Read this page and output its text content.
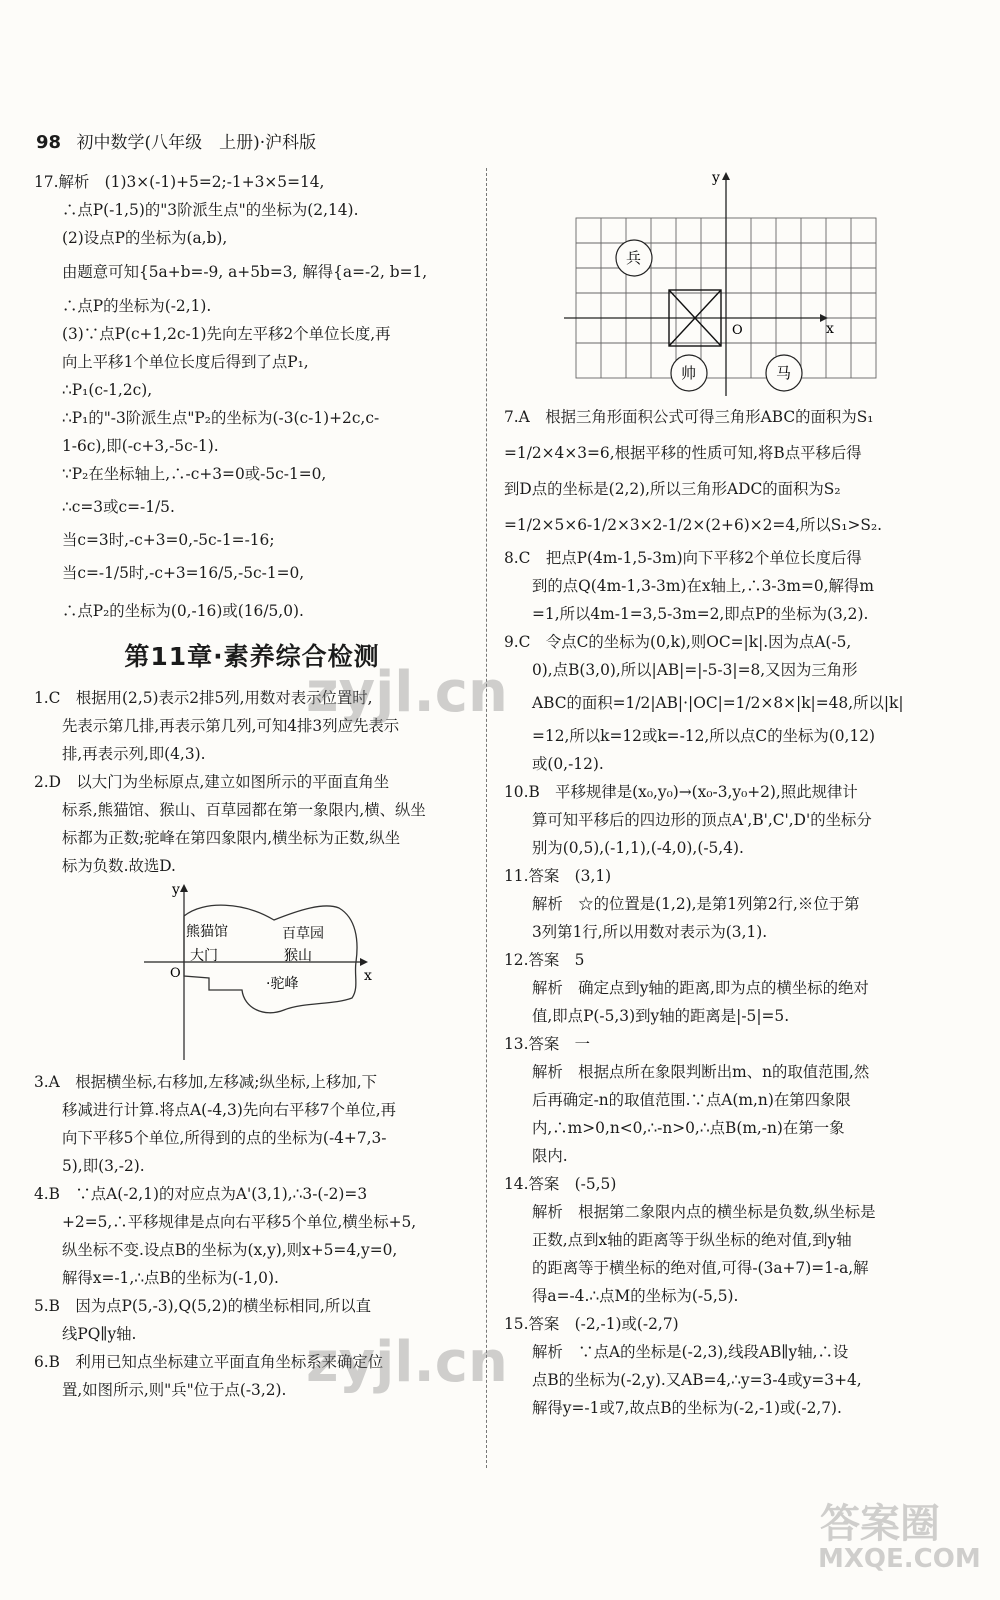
98 初中数学(八年级　上册)·沪科版
17.解析　(1)3×(-1)+5=2;-1+3×5=14,
∴点P(-1,5)的"3阶派生点"的坐标为(2,14).
(2)设点P的坐标为(a,b),
由题意可知{5a+b=-9, a+5b=3, 解得{a=-2, b=1,
∴点P的坐标为(-2,1).
(3)∵点P(c+1,2c-1)先向左平移2个单位长度,再
向上平移1个单位长度后得到了点P₁,
∴P₁(c-1,2c),
∴P₁的"-3阶派生点"P₂的坐标为(-3(c-1)+2c,c-
1-6c),即(-c+3,-5c-1).
∵P₂在坐标轴上,∴-c+3=0或-5c-1=0,
∴c=3或c=-1/5.
当c=3时,-c+3=0,-5c-1=-16;
当c=-1/5时,-c+3=16/5,-5c-1=0,
∴点P₂的坐标为(0,-16)或(16/5,0).
第11章·素养综合检测
1.C　根据用(2,5)表示2排5列,用数对表示位置时,
先表示第几排,再表示第几列,可知4排3列应先表示
排,再表示列,即(4,3).
2.D　以大门为坐标原点,建立如图所示的平面直角坐
标系,熊猫馆、猴山、百草园都在第一象限内,横、纵坐
标都为正数;驼峰在第四象限内,横坐标为正数,纵坐
标为负数.故选D.
y
x
O
熊猫馆	百草园
大门	猴山
·驼峰
3.A　根据横坐标,右移加,左移减;纵坐标,上移加,下
移减进行计算.将点A(-4,3)先向右平移7个单位,再
向下平移5个单位,所得到的点的坐标为(-4+7,3-
5),即(3,-2).
4.B　∵点A(-2,1)的对应点为A'(3,1),∴3-(-2)=3
+2=5,∴平移规律是点向右平移5个单位,横坐标+5,
纵坐标不变.设点B的坐标为(x,y),则x+5=4,y=0,
解得x=-1,∴点B的坐标为(-1,0).
5.B　因为点P(5,-3),Q(5,2)的横坐标相同,所以直
线PQ∥y轴.
6.B　利用已知点坐标建立平面直角坐标系来确定位
置,如图所示,则"兵"位于点(-3,2).
y
x
O
兵
帅	马
7.A　根据三角形面积公式可得三角形ABC的面积为S₁
=1/2×4×3=6,根据平移的性质可知,将B点平移后得
到D点的坐标是(2,2),所以三角形ADC的面积为S₂
=1/2×5×6-1/2×3×2-1/2×(2+6)×2=4,所以S₁>S₂.
8.C　把点P(4m-1,5-3m)向下平移2个单位长度后得
到的点Q(4m-1,3-3m)在x轴上,∴3-3m=0,解得m
=1,所以4m-1=3,5-3m=2,即点P的坐标为(3,2).
9.C　令点C的坐标为(0,k),则OC=|k|.因为点A(-5,
0),点B(3,0),所以|AB|=|-5-3|=8,又因为三角形
ABC的面积=1/2|AB|·|OC|=1/2×8×|k|=48,所以|k|
=12,所以k=12或k=-12,所以点C的坐标为(0,12)
或(0,-12).
10.B　平移规律是(x₀,y₀)→(x₀-3,y₀+2),照此规律计
算可知平移后的四边形的顶点A',B',C',D'的坐标分
别为(0,5),(-1,1),(-4,0),(-5,4).
11.答案　(3,1)
解析　☆的位置是(1,2),是第1列第2行,※位于第
3列第1行,所以用数对表示为(3,1).
12.答案　5
解析　确定点到y轴的距离,即为点的横坐标的绝对
值,即点P(-5,3)到y轴的距离是|-5|=5.
13.答案　一
解析　根据点所在象限判断出m、n的取值范围,然
后再确定-n的取值范围.∵点A(m,n)在第四象限
内,∴m>0,n<0,∴-n>0,∴点B(m,-n)在第一象
限内.
14.答案　(-5,5)
解析　根据第二象限内点的横坐标是负数,纵坐标是
正数,点到x轴的距离等于纵坐标的绝对值,到y轴
的距离等于横坐标的绝对值,可得-(3a+7)=1-a,解
得a=-4.∴点M的坐标为(-5,5).
15.答案　(-2,-1)或(-2,7)
解析　∵点A的坐标是(-2,3),线段AB∥y轴,∴设
点B的坐标为(-2,y).又AB=4,∴y=3-4或y=3+4,
解得y=-1或7,故点B的坐标为(-2,-1)或(-2,7).
zyjl.cn
zyjl.cn
答案圈
MXQE.COM
